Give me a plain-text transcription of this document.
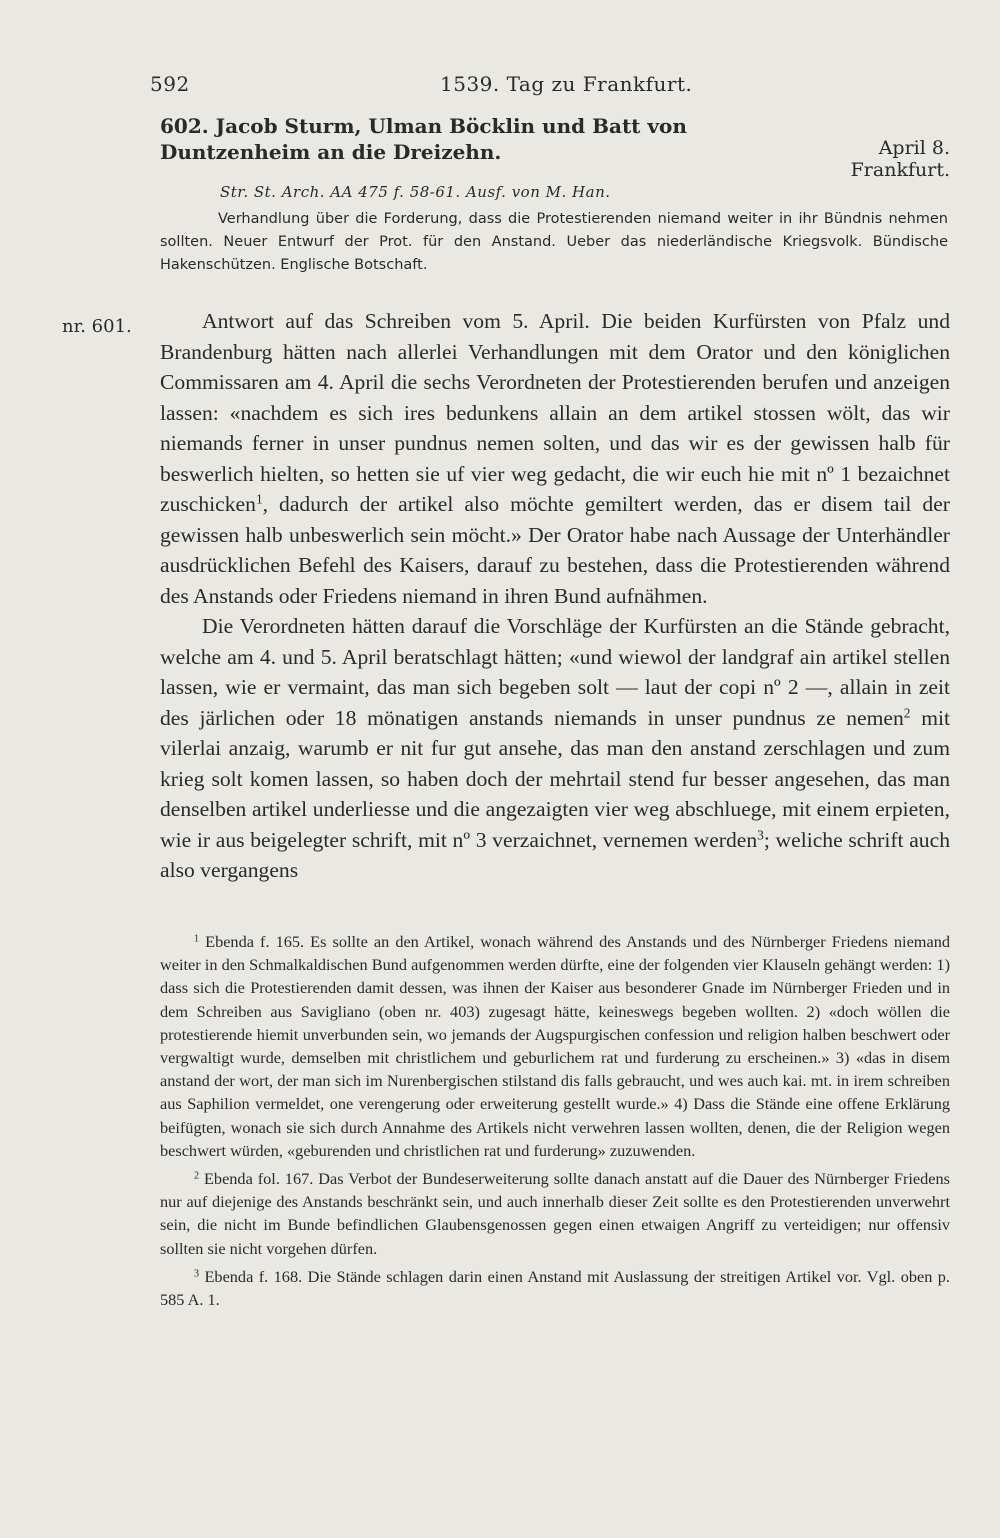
592	1539. Tag zu Frankfurt.
602. Jacob Sturm, Ulman Böcklin und Batt von Duntzenheim an die Dreizehn.	April 8.
Frankfurt.
Str. St. Arch. AA 475 f. 58-61. Ausf. von M. Han.

Verhandlung über die Forderung, dass die Protestierenden niemand weiter in ihr Bündnis nehmen sollten. Neuer Entwurf der Prot. für den Anstand. Ueber das niederländische Kriegsvolk. Bündische Hakenschützen. Englische Botschaft.

nr. 601.	Antwort auf das Schreiben vom 5. April. Die beiden Kurfürsten von Pfalz und Brandenburg hätten nach allerlei Verhandlungen mit dem Orator und den königlichen Commissaren am 4. April die sechs Verordneten der Protestierenden berufen und anzeigen lassen: «nachdem es sich ires bedunkens allain an dem artikel stossen wölt, das wir niemands ferner in unser pundnus nemen solten, und das wir es der gewissen halb für beswerlich hielten, so hetten sie uf vier weg gedacht, die wir euch hie mit nº 1 bezaichnet zuschicken$^1$, dadurch der artikel also möchte gemiltert werden, das er disem tail der gewissen halb unbeswerlich sein möcht.» Der Orator habe nach Aussage der Unterhändler ausdrücklichen Befehl des Kaisers, darauf zu bestehen, dass die Protestierenden während des Anstands oder Friedens niemand in ihren Bund aufnähmen.

Die Verordneten hätten darauf die Vorschläge der Kurfürsten an die Stände gebracht, welche am 4. und 5. April beratschlagt hätten; «und wiewol der landgraf ain artikel stellen lassen, wie er vermaint, das man sich begeben solt — laut der copi nº 2 —, allain in zeit des järlichen oder 18 mönatigen anstands niemands in unser pundnus ze nemen$^2$ mit vilerlai anzaig, warumb er nit fur gut ansehe, das man den anstand zerschlagen und zum krieg solt komen lassen, so haben doch der mehrtail stend fur besser angesehen, das man denselben artikel underliesse und die angezaigten vier weg abschluege, mit einem erpieten, wie ir aus beigelegter schrift, mit nº 3 verzaichnet, vernemen werden$^3$; weliche schrift auch also vergangens

$^1$ Ebenda f. 165. Es sollte an den Artikel, wonach während des Anstands und des Nürnberger Friedens niemand weiter in den Schmalkaldischen Bund aufgenommen werden dürfte, eine der folgenden vier Klauseln gehängt werden: 1) dass sich die Protestierenden damit dessen, was ihnen der Kaiser aus besonderer Gnade im Nürnberger Frieden und in dem Schreiben aus Savigliano (oben nr. 403) zugesagt hätte, keineswegs begeben wollten. 2) «doch wöllen die protestierende hiemit unverbunden sein, wo jemands der Augspurgischen confession und religion halben beschwert oder vergwaltigt wurde, demselben mit christlichem und geburlichem rat und furderung zu erscheinen.» 3) «das in disem anstand der wort, der man sich im Nurenbergischen stilstand dis falls gebraucht, und wes auch kai. mt. in irem schreiben aus Saphilion vermeldet, one verengerung oder erweiterung gestellt wurde.» 4) Dass die Stände eine offene Erklärung beifügten, wonach sie sich durch Annahme des Artikels nicht verwehren lassen wollten, denen, die der Religion wegen beschwert würden, «geburenden und christlichen rat und furderung» zuzuwenden.

$^2$ Ebenda fol. 167. Das Verbot der Bundeserweiterung sollte danach anstatt auf die Dauer des Nürnberger Friedens nur auf diejenige des Anstands beschränkt sein, und auch innerhalb dieser Zeit sollte es den Protestierenden unverwehrt sein, die nicht im Bunde befindlichen Glaubensgenossen gegen einen etwaigen Angriff zu verteidigen; nur offensiv sollten sie nicht vorgehen dürfen.

$^3$ Ebenda f. 168. Die Stände schlagen darin einen Anstand mit Auslassung der streitigen Artikel vor. Vgl. oben p. 585 A. 1.
